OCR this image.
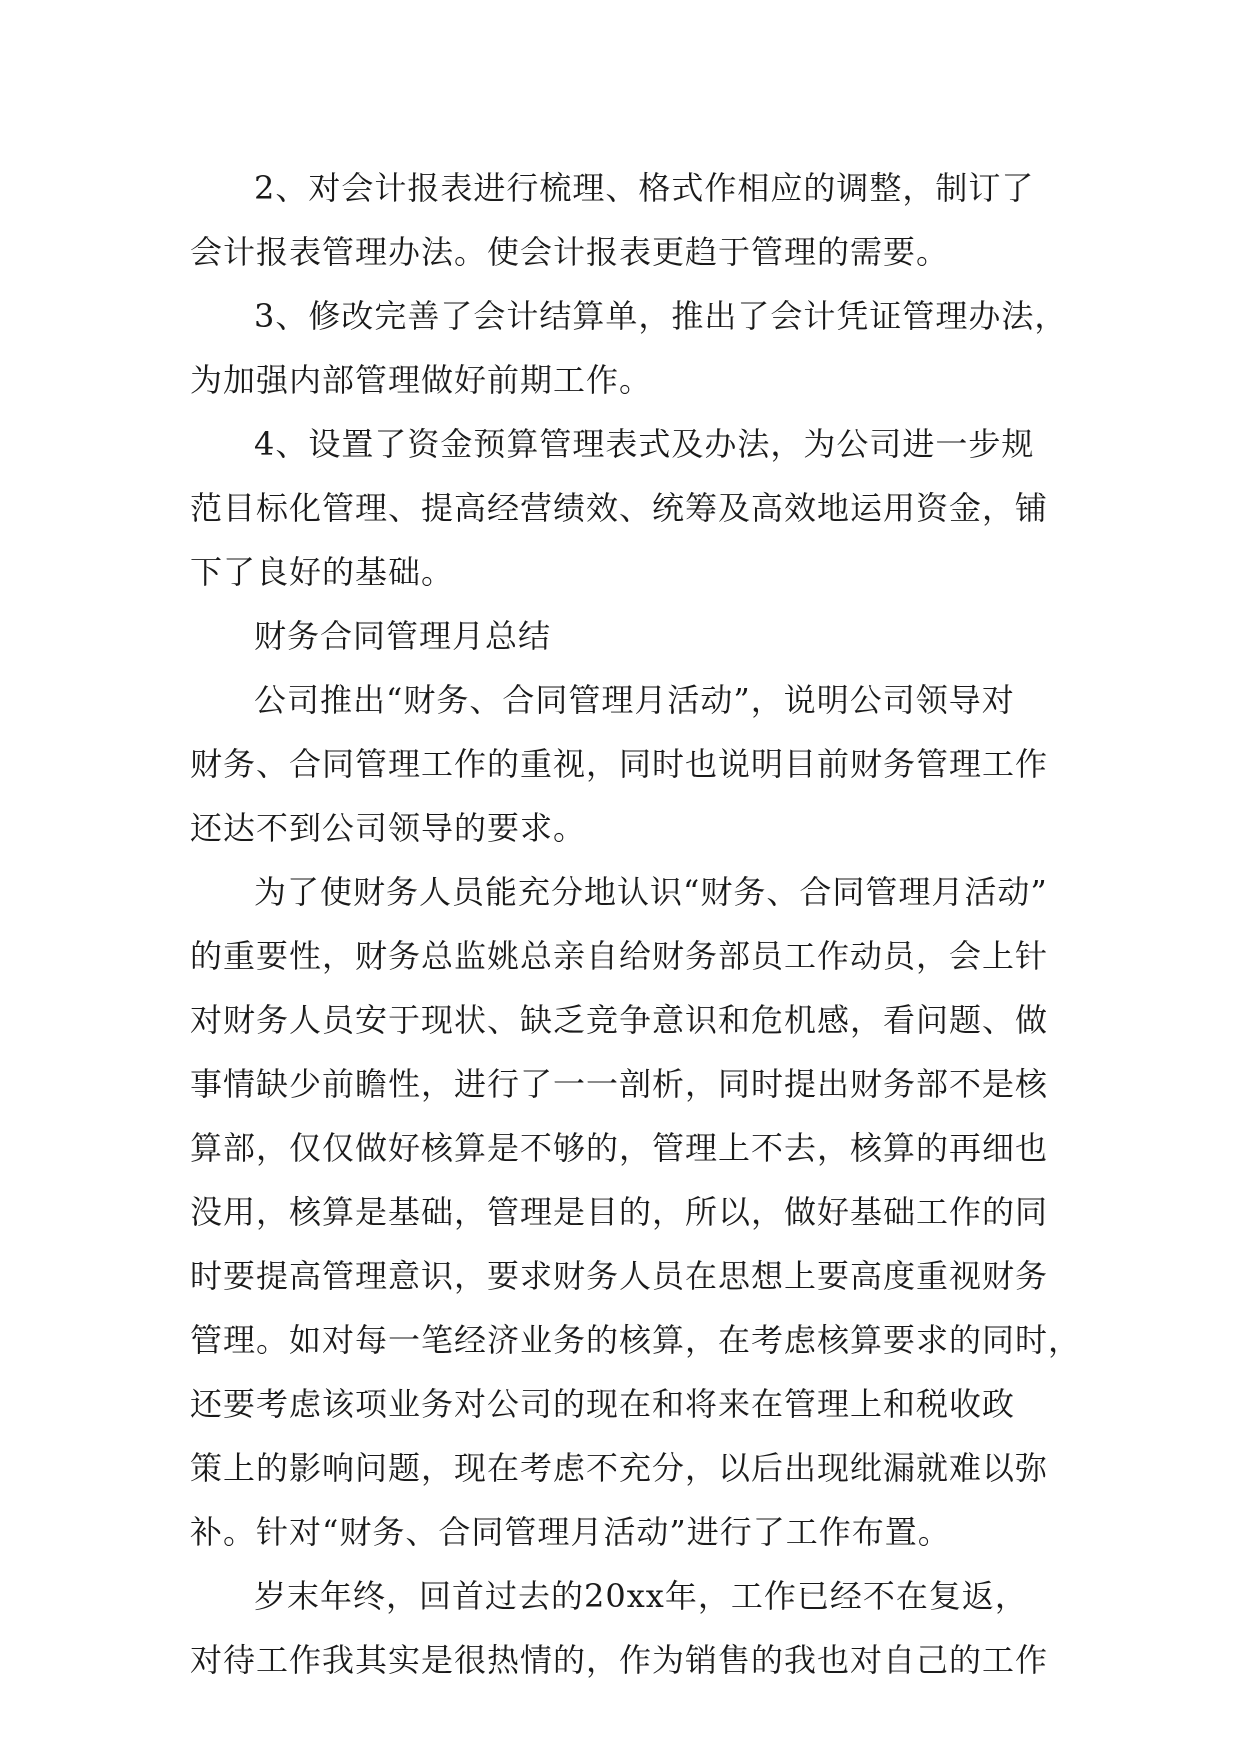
2、对会计报表进行梳理、格式作相应的调整，制订了
会计报表管理办法。使会计报表更趋于管理的需要。
3、修改完善了会计结算单，推出了会计凭证管理办法，
为加强内部管理做好前期工作。
4、设置了资金预算管理表式及办法，为公司进一步规
范目标化管理、提高经营绩效、统筹及高效地运用资金，铺
下了良好的基础。
财务合同管理月总结
公司推出“财务、合同管理月活动”，说明公司领导对
财务、合同管理工作的重视，同时也说明目前财务管理工作
还达不到公司领导的要求。
为了使财务人员能充分地认识“财务、合同管理月活动”
的重要性，财务总监姚总亲自给财务部员工作动员，会上针
对财务人员安于现状、缺乏竞争意识和危机感，看问题、做
事情缺少前瞻性，进行了一一剖析，同时提出财务部不是核
算部，仅仅做好核算是不够的，管理上不去，核算的再细也
没用，核算是基础，管理是目的，所以，做好基础工作的同
时要提高管理意识，要求财务人员在思想上要高度重视财务
管理。如对每一笔经济业务的核算，在考虑核算要求的同时，
还要考虑该项业务对公司的现在和将来在管理上和税收政
策上的影响问题，现在考虑不充分，以后出现纰漏就难以弥
补。针对“财务、合同管理月活动”进行了工作布置。
岁末年终，回首过去的20xx年，工作已经不在复返，
对待工作我其实是很热情的，作为销售的我也对自己的工作
